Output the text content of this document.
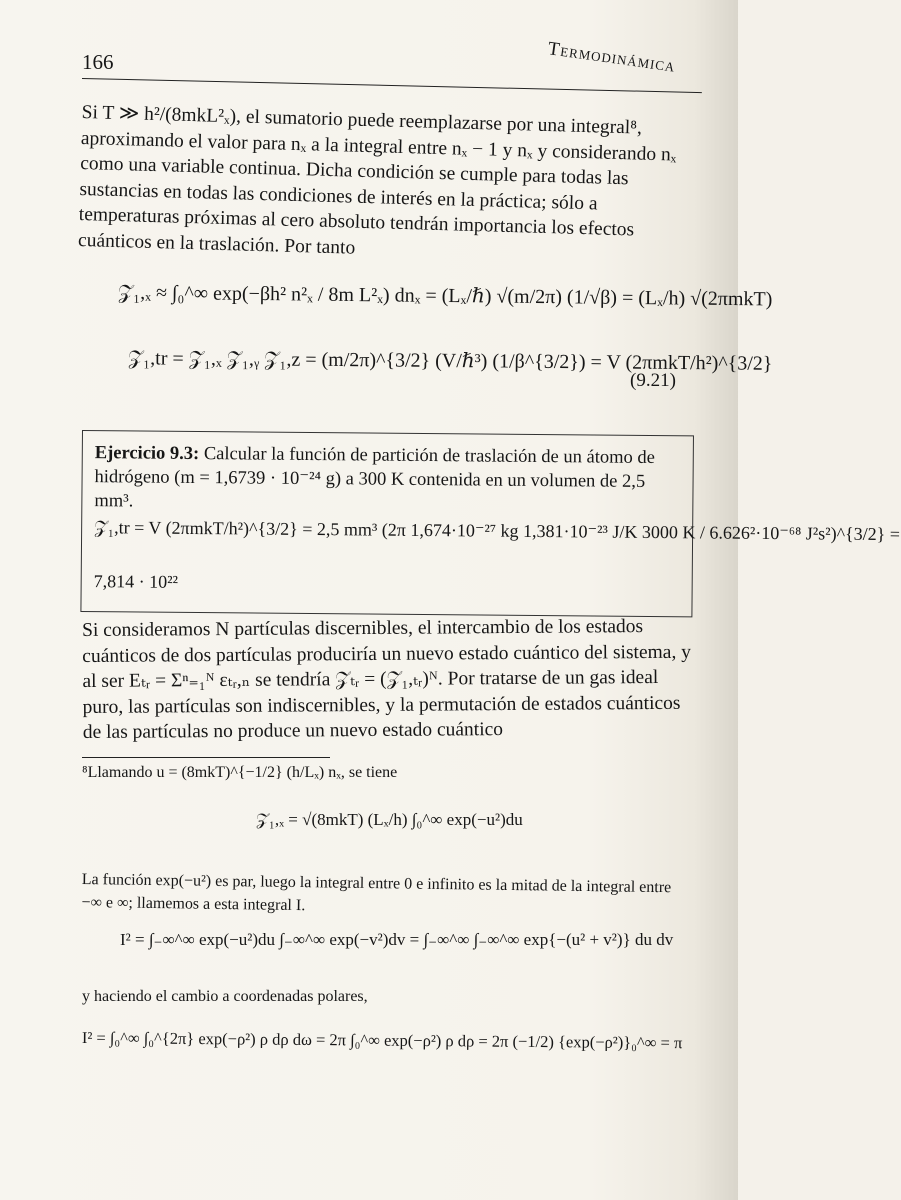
166	Termodinámica
Si T ≫ h²/(8mkL²ₓ), el sumatorio puede reemplazarse por una integral⁸, aproximando el valor para nₓ a la integral entre nₓ − 1 y nₓ y considerando nₓ como una variable continua. Dicha condición se cumple para todas las sustancias en todas las condiciones de interés en la práctica; sólo a temperaturas próximas al cero absoluto tendrán importancia los efectos cuánticos en la traslación. Por tanto
𝒵₁,ₓ ≈ ∫₀^∞ exp(−βh² n²ₓ / 8m L²ₓ) dnₓ = (Lₓ/ℏ) √(m/2π) (1/√β) = (Lₓ/h) √(2πmkT)
𝒵₁,tr = 𝒵₁,ₓ 𝒵₁,ᵧ 𝒵₁,z = (m/2π)^{3/2} (V/ℏ³) (1/β^{3/2}) = V (2πmkT/h²)^{3/2}
(9.21)
Ejercicio 9.3: Calcular la función de partición de traslación de un átomo de hidrógeno (m = 1,6739 · 10⁻²⁴ g) a 300 K contenida en un volumen de 2,5 mm³.
𝒵₁,tr = V (2πmkT/h²)^{3/2} = 2,5 mm³ (2π 1,674·10⁻²⁷ kg 1,381·10⁻²³ J/K 3000 K / 6.626²·10⁻⁶⁸ J²s²)^{3/2} =
7,814 · 10²²
Si consideramos N partículas discernibles, el intercambio de los estados cuánticos de dos partículas produciría un nuevo estado cuántico del sistema, y al ser Eₜᵣ = Σⁿ₌₁ᴺ εₜᵣ,ₙ se tendría 𝒵ₜᵣ = (𝒵₁,ₜᵣ)ᴺ. Por tratarse de un gas ideal puro, las partículas son indiscernibles, y la permutación de estados cuánticos de las partículas no produce un nuevo estado cuántico
⁸Llamando u = (8mkT)^{−1/2} (h/Lₓ) nₓ, se tiene
𝒵₁,ₓ = √(8mkT) (Lₓ/h) ∫₀^∞ exp(−u²)du
La función exp(−u²) es par, luego la integral entre 0 e infinito es la mitad de la integral entre −∞ e ∞; llamemos a esta integral I.
I² = ∫₋∞^∞ exp(−u²)du ∫₋∞^∞ exp(−v²)dv = ∫₋∞^∞ ∫₋∞^∞ exp{−(u² + v²)} du dv
y haciendo el cambio a coordenadas polares,
I² = ∫₀^∞ ∫₀^{2π} exp(−ρ²) ρ dρ dω = 2π ∫₀^∞ exp(−ρ²) ρ dρ = 2π (−1/2) {exp(−ρ²)}₀^∞ = π
